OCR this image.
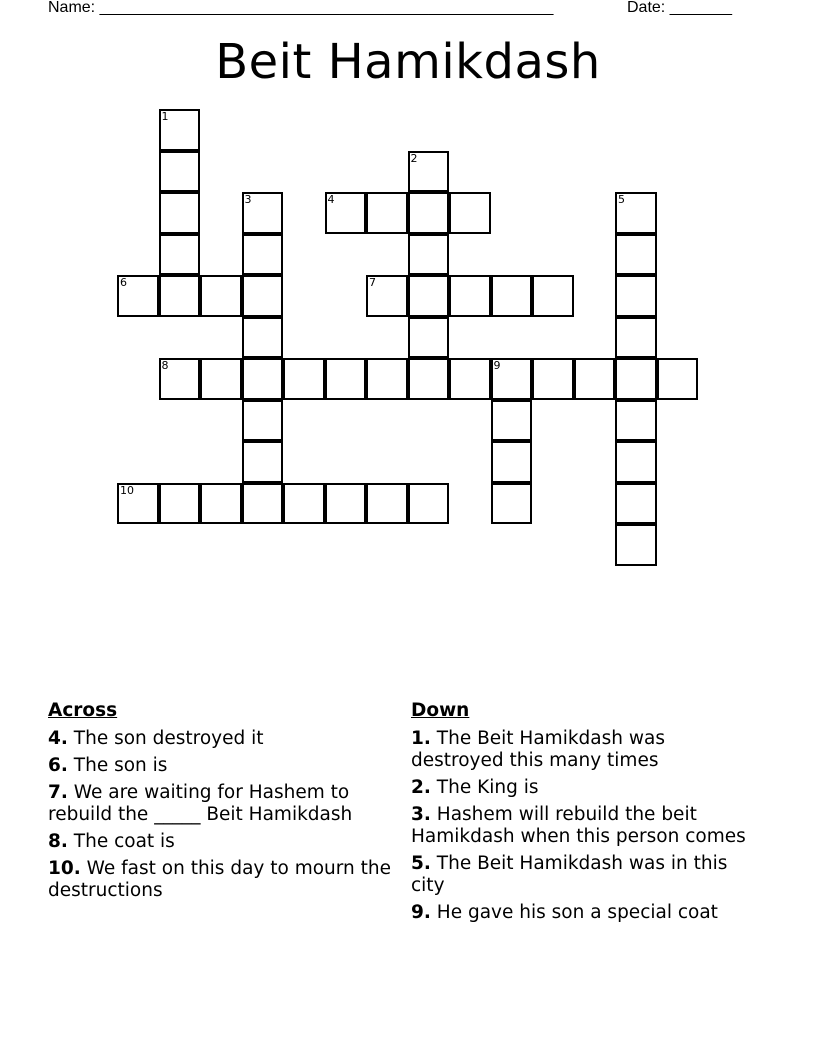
Name: ___________________________________________________	Date: _______
Beit Hamikdash
1
2
3	4	5
6	7
8	9
10
Across
4. The son destroyed it
6. The son is
7. We are waiting for Hashem to rebuild the _____ Beit Hamikdash
8. The coat is
10. We fast on this day to mourn the destructions
Down
1. The Beit Hamikdash was destroyed this many times
2. The King is
3. Hashem will rebuild the beit Hamikdash when this person comes
5. The Beit Hamikdash was in this city
9. He gave his son a special coat
